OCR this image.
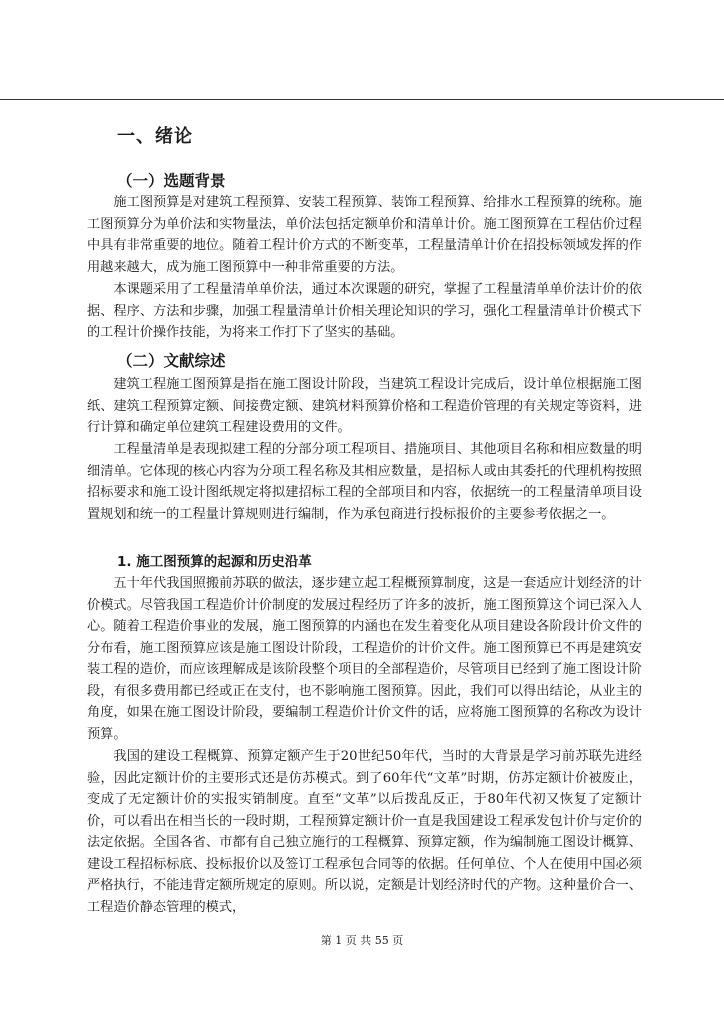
一、绪论
（一）选题背景

施工图预算是对建筑工程预算、安装工程预算、装饰工程预算、给排水工程预算的统称。施工图预算分为单价法和实物量法，单价法包括定额单价和清单计价。施工图预算在工程估价过程中具有非常重要的地位。随着工程计价方式的不断变革，工程量清单计价在招投标领域发挥的作用越来越大，成为施工图预算中一种非常重要的方法。

本课题采用了工程量清单单价法，通过本次课题的研究，掌握了工程量清单单价法计价的依据、程序、方法和步骤，加强工程量清单计价相关理论知识的学习，强化工程量清单计价模式下的工程计价操作技能，为将来工作打下了坚实的基础。

（二）文献综述

建筑工程施工图预算是指在施工图设计阶段，当建筑工程设计完成后，设计单位根据施工图纸、建筑工程预算定额、间接费定额、建筑材料预算价格和工程造价管理的有关规定等资料，进行计算和确定单位建筑工程建设费用的文件。

工程量清单是表现拟建工程的分部分项工程项目、措施项目、其他项目名称和相应数量的明细清单。它体现的核心内容为分项工程名称及其相应数量，是招标人或由其委托的代理机构按照招标要求和施工设计图纸规定将拟建招标工程的全部项目和内容，依据统一的工程量清单项目设置规划和统一的工程量计算规则进行编制，作为承包商进行投标报价的主要参考依据之一。

1. 施工图预算的起源和历史沿革

五十年代我国照搬前苏联的做法，逐步建立起工程概预算制度，这是一套适应计划经济的计价模式。尽管我国工程造价计价制度的发展过程经历了许多的波折，施工图预算这个词已深入人心。随着工程造价事业的发展，施工图预算的内涵也在发生着变化从项目建设各阶段计价文件的分布看，施工图预算应该是施工图设计阶段，工程造价的计价文件。施工图预算已不再是建筑安装工程的造价，而应该理解成是该阶段整个项目的全部程造价，尽管项目已经到了施工图设计阶段，有很多费用都已经或正在支付，也不影响施工图预算。因此，我们可以得出结论，从业主的角度，如果在施工图设计阶段，要编制工程造价计价文件的话，应将施工图预算的名称改为设计预算。

我国的建设工程概算、预算定额产生于20世纪50年代，当时的大背景是学习前苏联先进经验，因此定额计价的主要形式还是仿苏模式。到了60年代“文革”时期，仿苏定额计价被废止，变成了无定额计价的实报实销制度。直至“文革”以后拨乱反正，于80年代初又恢复了定额计价，可以看出在相当长的一段时期，工程预算定额计价一直是我国建设工程承发包计价与定价的法定依据。全国各省、市都有自己独立施行的工程概算、预算定额，作为编制施工图设计概算、建设工程招标标底、投标报价以及签订工程承包合同等的依据。任何单位、个人在使用中国必须严格执行，不能违背定额所规定的原则。所以说，定额是计划经济时代的产物。这种量价合一、工程造价静态管理的模式，

第 1 页 共 55 页
